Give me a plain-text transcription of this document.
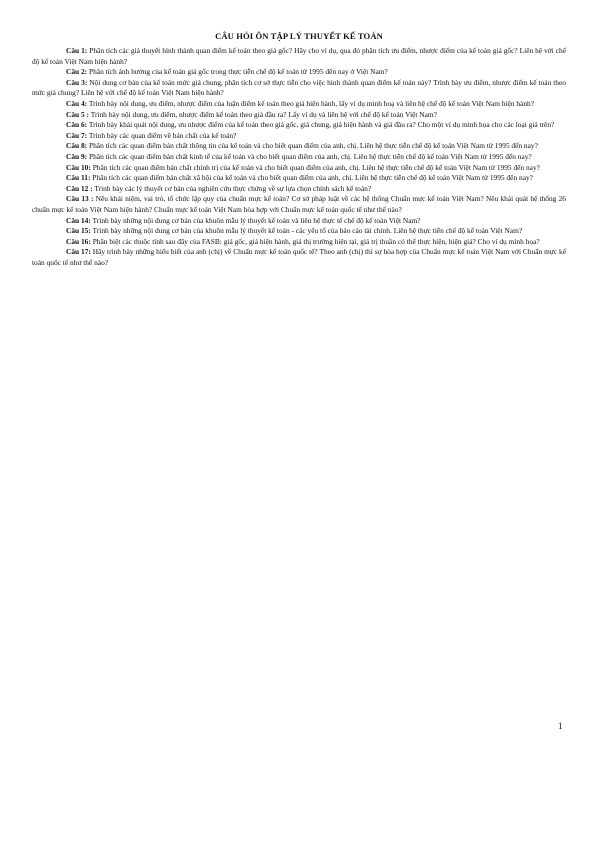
CÂU HỎI ÔN TẬP LÝ THUYẾT KẾ TOÁN

Câu 1: Phân tích các giả thuyết hình thành quan điểm kế toán theo giá gốc? Hãy cho ví dụ, qua đó phân tích ưu điểm, nhược điểm của kế toán giá gốc? Liên hệ với chế độ kế toán Việt Nam hiện hành?

Câu 2: Phân tích ảnh hưởng của kế toán giá gốc trong thực tiễn chế độ kế toán từ 1995 đến nay ở Việt Nam?

Câu 3: Nội dung cơ bản của kế toán mức giá chung, phân tích cơ sở thực tiễn cho việc hình thành quan điểm kế toán này? Trình bày ưu điểm, nhược điểm kế toán theo mức giá chung? Liên hệ với chế độ kế toán Việt Nam hiện hành?

Câu 4: Trình bày nội dung, ưu điểm, nhược điểm của luận điểm kế toán theo giá hiện hành, lấy ví dụ minh hoạ và liên hệ chế độ kế toán Việt Nam hiện hành?

Câu 5 : Trình bày nội dung, ưu điểm, nhược điểm kế toán theo giá đầu ra? Lấy ví dụ và liên hệ với chế độ kế toán Việt Nam?

Câu 6: Trình bày khái quát nội dung, ưu nhược điểm của kế toán theo giá gốc, giá chung, giá hiện hành và giá đầu ra? Cho một ví dụ minh họa cho các loại giá trên?

Câu 7: Trình bày các quan điểm về bản chất của kế toán?

Câu 8: Phân tích các quan điểm bản chất thông tin của kế toán và cho biết quan điểm của anh, chị. Liên hệ thực tiễn chế độ kế toán Việt Nam từ 1995 đến nay?

Câu 9: Phân tích các quan điểm bản chất kinh tế của kế toán và cho biết quan điểm của anh, chị. Liên hệ thực tiễn chế độ kế toán Việt Nam từ 1995 đến nay?

Câu 10: Phân tích các quan điểm bản chất chính trị của kế toán và cho biết quan điểm của anh, chị. Liên hệ thực tiễn chế độ kế toán Việt Nam từ 1995 đến nay?

Câu 11: Phân tích các quan điểm bản chất xã hội của kế toán và cho biết quan điểm của anh, chị. Liên hệ thực tiễn chế độ kế toán Việt Nam từ 1995 đến nay?

Câu 12 : Trình bày các lý thuyết cơ bản của nghiên cứu thực chứng về sự lựa chọn chính sách kế toán?

Câu 13 : Nêu khái niệm, vai trò, tổ chức lập quy của chuẩn mực kế toán? Cơ sở pháp luật về các hệ thống Chuẩn mực kế toán Việt Nam? Nêu khái quát hệ thống 26 chuẩn mực kế toán Việt Nam hiện hành? Chuẩn mực kế toán Việt Nam hòa hợp với Chuẩn mực kế toán quốc tế như thế nào?

Câu 14: Trình bày những nội dung cơ bản của khuôn mẫu lý thuyết kế toán và liên hệ thực tế chế độ kế toán Việt Nam?

Câu 15: Trình bày những nội dung cơ bản của khuôn mẫu lý thuyết kế toán - các yếu tố của báo cáo tài chính. Liên hệ thực tiễn chế độ kế toán Việt Nam?

Câu 16: Phân biệt các thuộc tính sau đây của FASB: giá gốc, giá hiện hành, giá thị trường hiện tại, giá trị thuần có thể thực hiện, hiện giá? Cho ví dụ minh họa?

Câu 17: Hãy trình bày những hiểu biết của anh (chị) về Chuẩn mực kế toán quốc tế? Theo anh (chị) thì sự hòa hợp của Chuẩn mực kế toán Việt Nam với Chuẩn mực kế toán quốc tế như thế nào?

1
